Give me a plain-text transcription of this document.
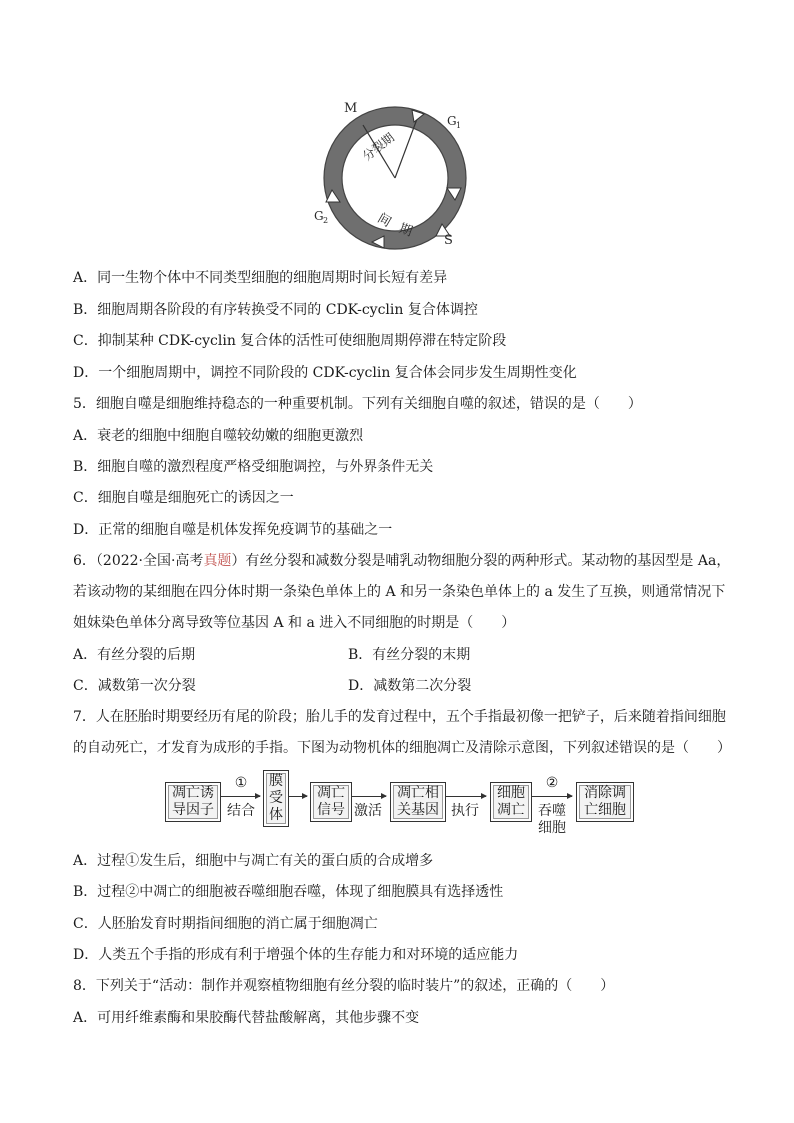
分裂期
间
期
M
G 1
G 2
S
A．同一生物个体中不同类型细胞的细胞周期时间长短有差异
B．细胞周期各阶段的有序转换受不同的 CDK-cyclin 复合体调控
C．抑制某种 CDK-cyclin 复合体的活性可使细胞周期停滞在特定阶段
D．一个细胞周期中，调控不同阶段的 CDK-cyclin 复合体会同步发生周期性变化
5．细胞自噬是细胞维持稳态的一种重要机制。下列有关细胞自噬的叙述，错误的是（　　）
A．衰老的细胞中细胞自噬较幼嫩的细胞更激烈
B．细胞自噬的激烈程度严格受细胞调控，与外界条件无关
C．细胞自噬是细胞死亡的诱因之一
D．正常的细胞自噬是机体发挥免疫调节的基础之一
6．（2022·全国·高考真题）有丝分裂和减数分裂是哺乳动物细胞分裂的两种形式。某动物的基因型是 Aa，
若该动物的某细胞在四分体时期一条染色单体上的 A 和另一条染色单体上的 a 发生了互换，则通常情况下
姐妹染色单体分离导致等位基因 A 和 a 进入不同细胞的时期是（　　）
A．有丝分裂的后期	B．有丝分裂的末期
C．减数第一次分裂	D．减数第二次分裂
7．人在胚胎时期要经历有尾的阶段；胎儿手的发育过程中，五个手指最初像一把铲子，后来随着指间细胞
的自动死亡，才发育为成形的手指。下图为动物机体的细胞凋亡及清除示意图，下列叙述错误的是（　　）
凋亡诱
导因子
①
结合
膜
受
体
凋亡
信号 激活
凋亡相
关基因 执行
细胞
凋亡
②
吞噬
细胞
消除调
亡细胞
A．过程①发生后，细胞中与凋亡有关的蛋白质的合成增多
B．过程②中凋亡的细胞被吞噬细胞吞噬，体现了细胞膜具有选择透性
C．人胚胎发育时期指间细胞的消亡属于细胞凋亡
D．人类五个手指的形成有利于增强个体的生存能力和对环境的适应能力
8．下列关于“活动：制作并观察植物细胞有丝分裂的临时装片”的叙述，正确的（　　）
A．可用纤维素酶和果胶酶代替盐酸解离，其他步骤不变
